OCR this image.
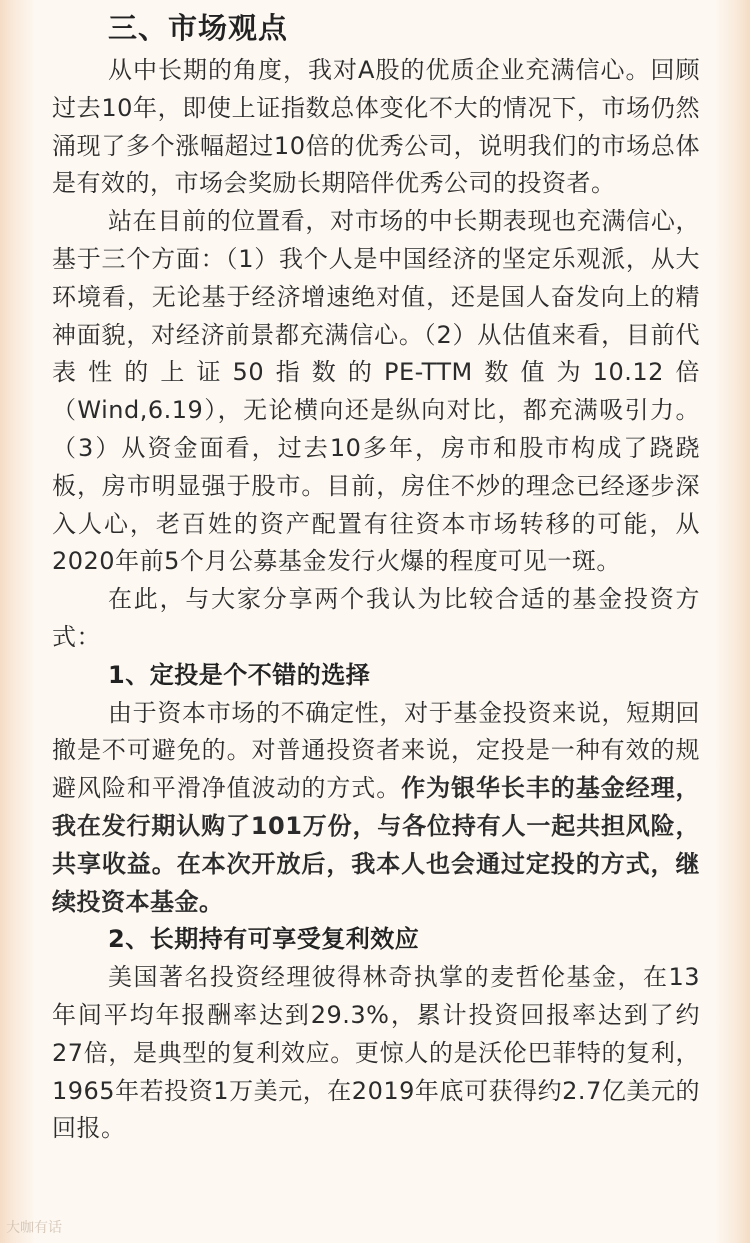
三、市场观点

从中长期的角度，我对A股的优质企业充满信心。回顾过去10年，即使上证指数总体变化不大的情况下，市场仍然涌现了多个涨幅超过10倍的优秀公司，说明我们的市场总体是有效的，市场会奖励长期陪伴优秀公司的投资者。

站在目前的位置看，对市场的中长期表现也充满信心，基于三个方面：（1）我个人是中国经济的坚定乐观派，从大环境看，无论基于经济增速绝对值，还是国人奋发向上的精神面貌，对经济前景都充满信心。（2）从估值来看，目前代表性的上证50指数的PE-TTM数值为10.12倍（Wind,6.19），无论横向还是纵向对比，都充满吸引力。（3）从资金面看，过去10多年，房市和股市构成了跷跷板，房市明显强于股市。目前，房住不炒的理念已经逐步深入人心，老百姓的资产配置有往资本市场转移的可能，从2020年前5个月公募基金发行火爆的程度可见一斑。

在此，与大家分享两个我认为比较合适的基金投资方式：

1、定投是个不错的选择

由于资本市场的不确定性，对于基金投资来说，短期回撤是不可避免的。对普通投资者来说，定投是一种有效的规避风险和平滑净值波动的方式。作为银华长丰的基金经理，我在发行期认购了101万份，与各位持有人一起共担风险，共享收益。在本次开放后，我本人也会通过定投的方式，继续投资本基金。

2、长期持有可享受复利效应

美国著名投资经理彼得林奇执掌的麦哲伦基金，在13年间平均年报酬率达到29.3%，累计投资回报率达到了约27倍，是典型的复利效应。更惊人的是沃伦巴菲特的复利，1965年若投资1万美元，在2019年底可获得约2.7亿美元的回报。

大咖有话
